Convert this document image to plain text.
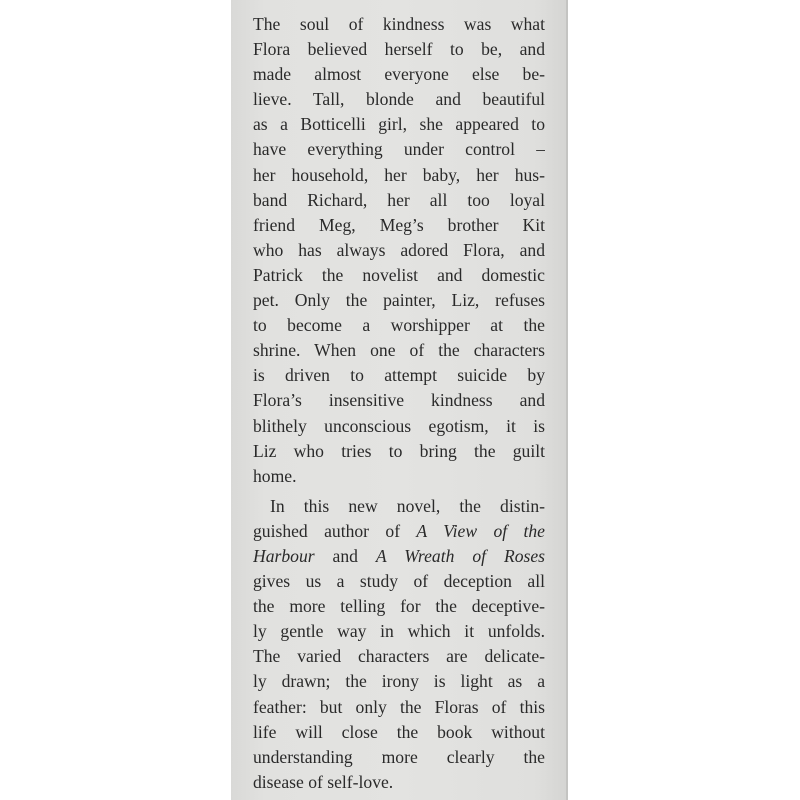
The soul of kindness was what
Flora believed herself to be, and
made almost everyone else be-
lieve. Tall, blonde and beautiful
as a Botticelli girl, she appeared to
have everything under control –
her household, her baby, her hus-
band Richard, her all too loyal
friend Meg, Meg’s brother Kit
who has always adored Flora, and
Patrick the novelist and domestic
pet. Only the painter, Liz, refuses
to become a worshipper at the
shrine. When one of the characters
is driven to attempt suicide by
Flora’s insensitive kindness and
blithely unconscious egotism, it is
Liz who tries to bring the guilt
home.
In this new novel, the distin-
guished author of A View of the
Harbour and A Wreath of Roses
gives us a study of deception all
the more telling for the deceptive-
ly gentle way in which it unfolds.
The varied characters are delicate-
ly drawn; the irony is light as a
feather: but only the Floras of this
life will close the book without
understanding more clearly the
disease of self-love.
